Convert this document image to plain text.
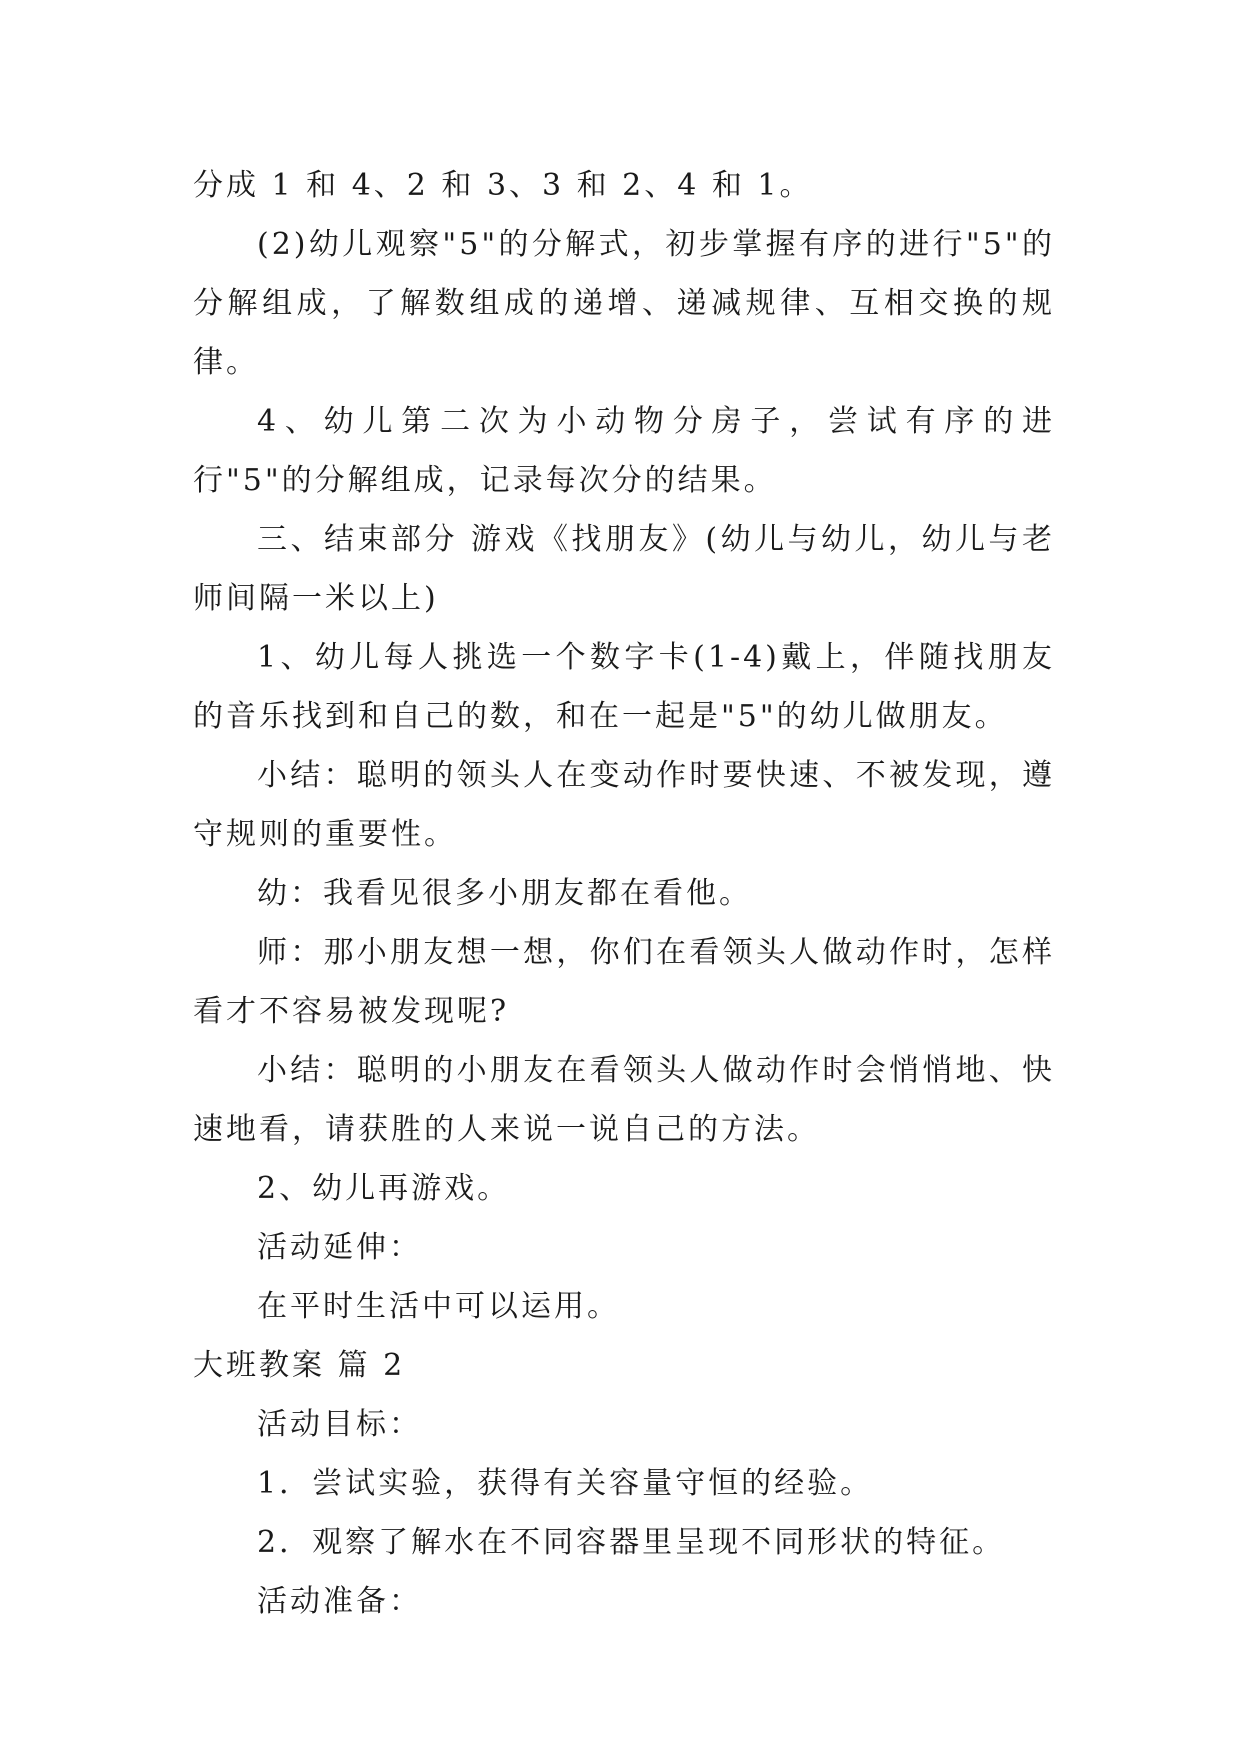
分成 1 和 4、2 和 3、3 和 2、4 和 1。

(2)幼儿观察"5"的分解式，初步掌握有序的进行"5"的分解组成，了解数组成的递增、递减规律、互相交换的规律。

4、幼儿第二次为小动物分房子，尝试有序的进行"5"的分解组成，记录每次分的结果。

三、结束部分 游戏《找朋友》(幼儿与幼儿，幼儿与老师间隔一米以上)

1、幼儿每人挑选一个数字卡(1-4)戴上，伴随找朋友的音乐找到和自己的数，和在一起是"5"的幼儿做朋友。

小结：聪明的领头人在变动作时要快速、不被发现，遵守规则的重要性。

幼：我看见很多小朋友都在看他。

师：那小朋友想一想，你们在看领头人做动作时，怎样看才不容易被发现呢?

小结：聪明的小朋友在看领头人做动作时会悄悄地、快速地看，请获胜的人来说一说自己的方法。

2、幼儿再游戏。

活动延伸：

在平时生活中可以运用。

大班教案 篇 2

活动目标：

1．尝试实验，获得有关容量守恒的经验。

2．观察了解水在不同容器里呈现不同形状的特征。

活动准备：
